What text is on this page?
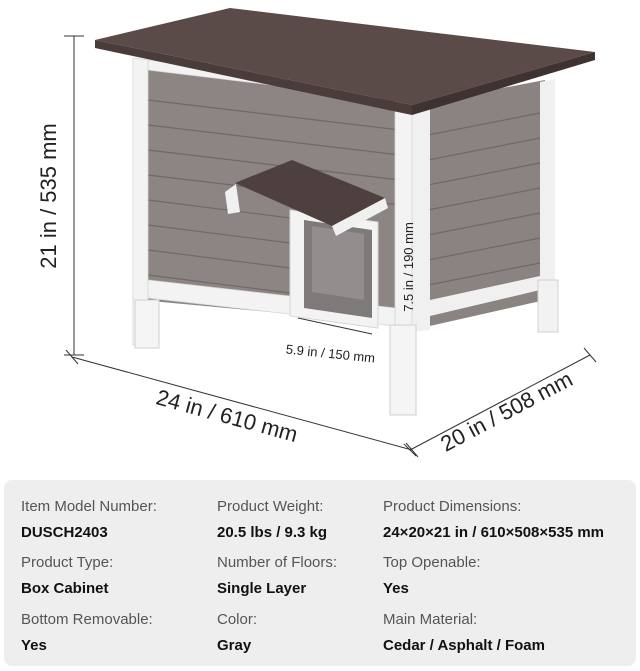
21 in / 535 mm
24 in / 610 mm	20 in / 508 mm
5.9 in / 150 mm
7.5 in / 190 mm
Item Model Number:
DUSCH2403
Product Weight:
20.5 lbs / 9.3 kg
Product Dimensions:
24×20×21 in / 610×508×535 mm
Product Type:
Box Cabinet
Number of Floors:
Single Layer
Top Openable:
Yes
Bottom Removable:
Yes
Color:
Gray
Main Material:
Cedar / Asphalt / Foam
